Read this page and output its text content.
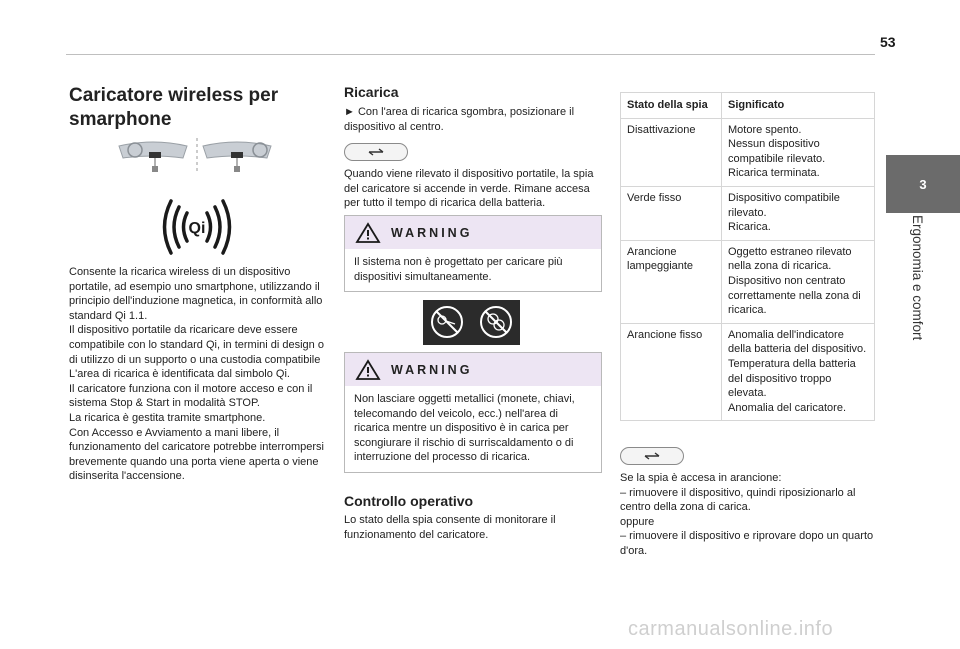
53
3
Ergonomia e comfort
Caricatore wireless per smarphone
Qi

Consente la ricarica wireless di un dispositivo portatile, ad esempio uno smartphone, utilizzando il principio dell'induzione magnetica, in conformità allo standard Qi 1.1.

Il dispositivo portatile da ricaricare deve essere compatibile con lo standard Qi, in termini di design o di utilizzo di un supporto o una custodia compatibile

L'area di ricarica è identificata dal simbolo Qi.

Il caricatore funziona con il motore acceso e con il sistema Stop & Start in modalità STOP.

La ricarica è gestita tramite smartphone.

Con Accesso e Avviamento a mani libere, il funzionamento del caricatore potrebbe interrompersi brevemente quando una porta viene aperta o viene disinserita l'accensione.

Ricarica
► Con l'area di ricarica sgombra, posizionare il dispositivo al centro.
Quando viene rilevato il dispositivo portatile, la spia del caricatore si accende in verde. Rimane accesa per tutto il tempo di ricarica della batteria.
WARNING
Il sistema non è progettato per caricare più dispositivi simultaneamente.
WARNING
Non lasciare oggetti metallici (monete, chiavi, telecomando del veicolo, ecc.) nell'area di ricarica mentre un dispositivo è in carica per scongiurare il rischio di surriscaldamento o di interruzione del processo di ricarica.
Controllo operativo
Lo stato della spia consente di monitorare il funzionamento del caricatore.
Stato della spia	Significato
Disattivazione	Motore spento.
Nessun dispositivo compatibile rilevato.
Ricarica terminata.
Verde fisso	Dispositivo compatibile rilevato.
Ricarica.
Arancione lampeggiante	Oggetto estraneo rilevato nella zona di ricarica.
Dispositivo non centrato correttamente nella zona di ricarica.
Arancione fisso	Anomalia dell'indicatore della batteria del dispositivo.
Temperatura della batteria del dispositivo troppo elevata.
Anomalia del caricatore.

Se la spia è accesa in arancione:

– rimuovere il dispositivo, quindi riposizionarlo al centro della zona di carica.

oppure

– rimuovere il dispositivo e riprovare dopo un quarto d'ora.

carmanualsonline.info
